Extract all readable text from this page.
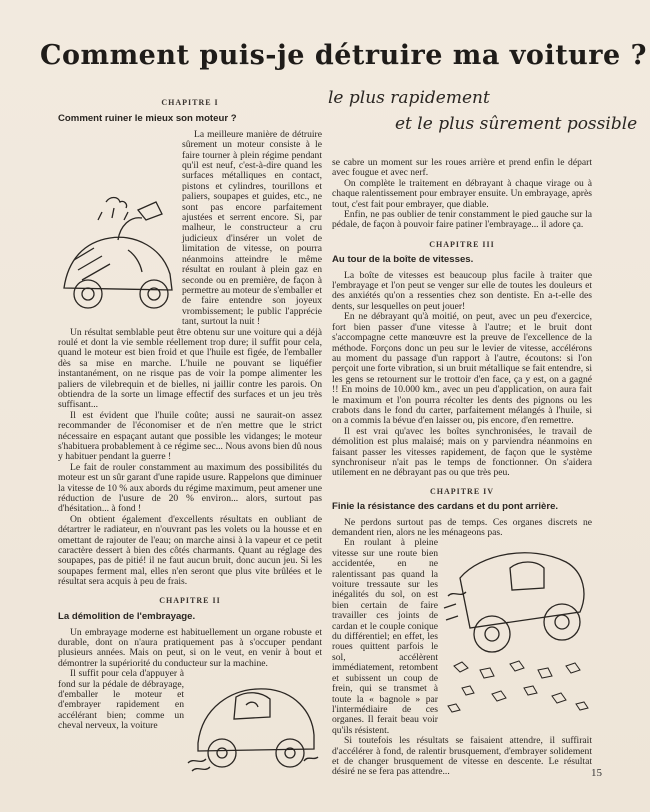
Comment puis-je détruire ma voiture ?
le plus rapidement
et le plus sûrement possible
CHAPITRE I
Comment ruiner le mieux son moteur ?

La meilleure manière de détruire sûrement un moteur consiste à le faire tourner à plein régime pendant qu'il est neuf, c'est-à-dire quand les surfaces métalliques en contact, pistons et cylindres, tourillons et paliers, soupapes et guides, etc., ne sont pas encore parfaitement ajustées et serrent encore. Si, par malheur, le constructeur a cru judicieux d'insérer un volet de limitation de vitesse, on pourra néanmoins atteindre le même résultat en roulant à plein gaz en seconde ou en première, de façon à permettre au moteur de s'emballer et de faire entendre son joyeux vrombissement; le public l'apprécie tant, surtout la nuit !

Un résultat semblable peut être obtenu sur une voiture qui a déjà roulé et dont la vie semble réellement trop dure; il suffit pour cela, quand le moteur est bien froid et que l'huile est figée, de l'emballer dès sa mise en marche. L'huile ne pouvant se liquéfier instantanément, on ne risque pas de voir la pompe alimenter les paliers de vilebrequin et de bielles, ni jaillir contre les parois. On obtiendra de la sorte un limage effectif des surfaces et un jeu très suffisant...

Il est évident que l'huile coûte; aussi ne saurait-on assez recommander de l'économiser et de n'en mettre que le strict nécessaire en espaçant autant que possible les vidanges; le moteur s'habituera probablement à ce régime sec... Nous avons bien dû nous y habituer pendant la guerre !

Le fait de rouler constamment au maximum des possibilités du moteur est un sûr garant d'une rapide usure. Rappelons que diminuer la vitesse de 10 % aux abords du régime maximum, peut amener une réduction de l'usure de 20 % environ... alors, surtout pas d'hésitation... à fond !

On obtient également d'excellents résultats en oubliant de détartrer le radiateur, en n'ouvrant pas les volets ou la housse et en omettant de rajouter de l'eau; on marche ainsi à la vapeur et ce petit caractère dessert à bien des côtés charmants. Quant au réglage des soupapes, pas de pitié! il ne faut aucun bruit, donc aucun jeu. Si les soupapes ferment mal, elles n'en seront que plus vite brûlées et le résultat sera acquis à peu de frais.

CHAPITRE II
La démolition de l'embrayage.

Un embrayage moderne est habituellement un organe robuste et durable, dont on n'aura pratiquement pas à s'occuper pendant plusieurs années. Mais on peut, si on le veut, en venir à bout et démontrer la supériorité du conducteur sur la machine.

Il suffit pour cela d'appuyer à fond sur la pédale de débrayage, d'emballer le moteur et d'embrayer rapidement en accélérant bien; comme un cheval nerveux, la voiture

se cabre un moment sur les roues arrière et prend enfin le départ avec fougue et avec nerf.

On complète le traitement en débrayant à chaque virage ou à chaque ralentissement pour embrayer ensuite. Un embrayage, après tout, c'est fait pour embrayer, que diable.

Enfin, ne pas oublier de tenir constamment le pied gauche sur la pédale, de façon à pouvoir faire patiner l'embrayage... il adore ça.

CHAPITRE III
Au tour de la boîte de vitesses.

La boîte de vitesses est beaucoup plus facile à traiter que l'embrayage et l'on peut se venger sur elle de toutes les douleurs et des anxiétés qu'on a ressenties chez son dentiste. En a-t-elle des dents, sur lesquelles on peut jouer!

En ne débrayant qu'à moitié, on peut, avec un peu d'exercice, fort bien passer d'une vitesse à l'autre; et le bruit dont s'accompagne cette manœuvre est la preuve de l'excellence de la méthode. Forçons donc un peu sur le levier de vitesse, accélérons au moment du passage d'un rapport à l'autre, écoutons: si l'on perçoit une forte vibration, si un bruit métallique se fait entendre, si les gens se retournent sur le trottoir d'en face, ça y est, on a gagné !! En moins de 10.000 km., avec un peu d'application, on aura fait le maximum et l'on pourra récolter les dents des pignons ou les crabots dans le fond du carter, parfaitement mélangés à l'huile, si on a commis la bévue d'en laisser ou, pis encore, d'en remettre.

Il est vrai qu'avec les boîtes synchronisées, le travail de démolition est plus malaisé; mais on y parviendra néanmoins en faisant passer les vitesses rapidement, de façon que le système synchroniseur n'ait pas le temps de fonctionner. On s'aidera utilement en ne débrayant pas ou que très peu.

CHAPITRE IV
Finie la résistance des cardans et du pont arrière.

Ne perdons surtout pas de temps. Ces organes discrets ne demandent rien, alors ne les ménageons pas.

En roulant à pleine vitesse sur une route bien accidentée, en ne ralentissant pas quand la voiture tressaute sur les inégalités du sol, on est bien certain de faire travailler ces joints de cardan et le couple conique du différentiel; en effet, les roues quittent parfois le sol, accélèrent immédiatement, retombent et subissent un coup de frein, qui se transmet à toute la « bagnole » par l'intermédiaire de ces organes. Il ferait beau voir qu'ils résistent.

Si toutefois les résultats se faisaient attendre, il suffirait d'accélérer à fond, de ralentir brusquement, d'embrayer solidement et de changer brusquement de vitesse en descente. Le résultat désiré ne se fera pas attendre...	15
